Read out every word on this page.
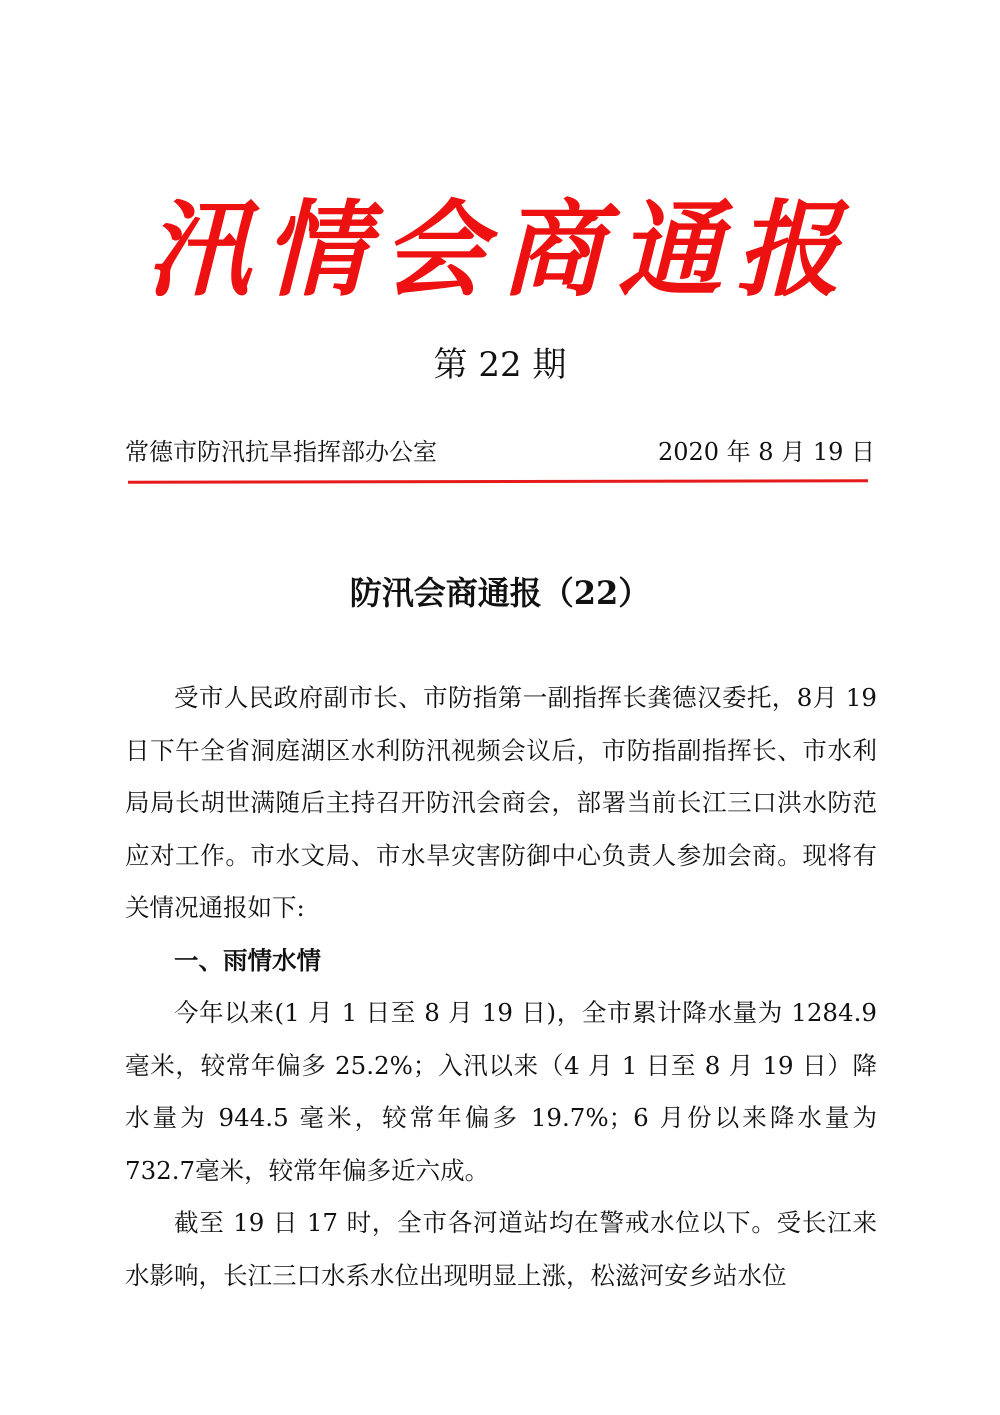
汛情会商通报
第 22 期
常德市防汛抗旱指挥部办公室	2020 年 8 月 19 日
防汛会商通报（22）

受市人民政府副市长、市防指第一副指挥长龚德汉委托，8月 19 日下午全省洞庭湖区水利防汛视频会议后，市防指副指挥长、市水利局局长胡世满随后主持召开防汛会商会，部署当前长江三口洪水防范应对工作。市水文局、市水旱灾害防御中心负责人参加会商。现将有关情况通报如下:

一、雨情水情

今年以来(1 月 1 日至 8 月 19 日)，全市累计降水量为 1284.9毫米，较常年偏多 25.2%；入汛以来（4 月 1 日至 8 月 19 日）降水量为 944.5 毫米，较常年偏多 19.7%；6 月份以来降水量为 732.7毫米，较常年偏多近六成。

截至 19 日 17 时，全市各河道站均在警戒水位以下。受长江来水影响，长江三口水系水位出现明显上涨，松滋河安乡站水位
